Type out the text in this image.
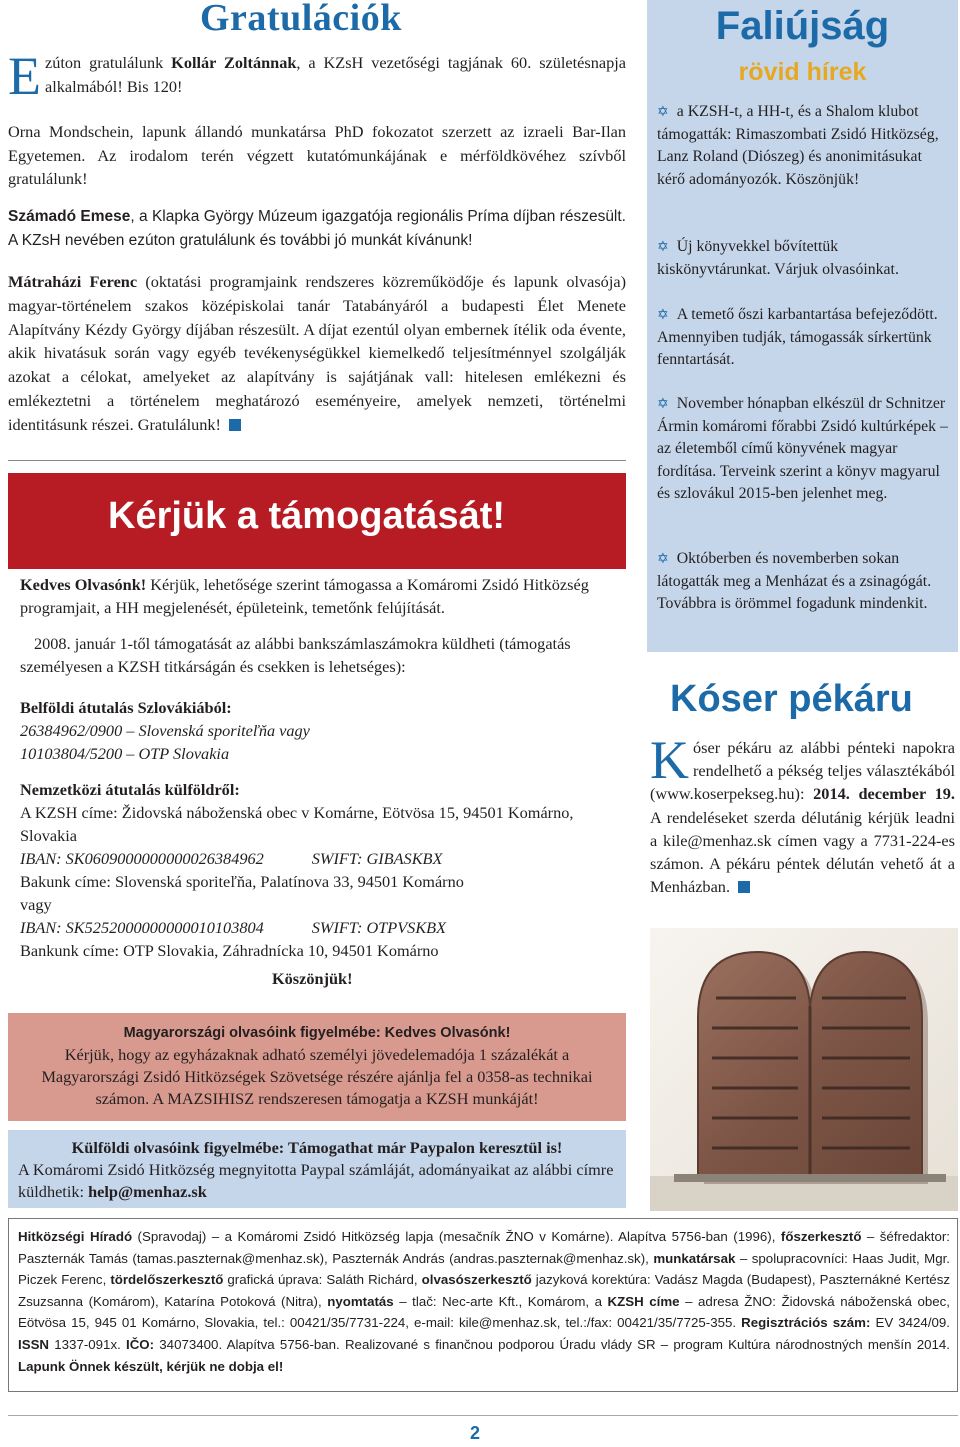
Gratulációk

Ezúton gratulálunk Kollár Zoltánnak, a KZsH vezetőségi tagjának 60. születésnapja alkalmából! Bis 120!

Orna Mondschein, lapunk állandó munkatársa PhD fokozatot szerzett az izraeli Bar-Ilan Egyetemen. Az irodalom terén végzett kutatómunkájának e mérföldkövéhez szívből gratulálunk!

Számadó Emese, a Klapka György Múzeum igazgatója regionális Príma díjban részesült. A KZsH nevében ezúton gratulálunk és további jó munkát kívánunk!

Mátraházi Ferenc (oktatási programjaink rendszeres közreműködője és lapunk olvasója) magyar-történelem szakos középiskolai tanár Tatabányáról a budapesti Élet Menete Alapítvány Kézdy György díjában részesült. A díjat ezentúl olyan embernek ítélik oda évente, akik hivatásuk során vagy egyéb tevékenységükkel kiemelkedő teljesítménnyel szolgálják azokat a célokat, amelyeket az alapítvány is sajátjának vall: hitelesen emlékezni és emlékeztetni a történelem meghatározó eseményeire, amelyek nemzeti, történelmi identitásunk részei. Gratulálunk!

Kérjük a támogatását!

Kedves Olvasónk! Kérjük, lehetősége szerint támogassa a Komáromi Zsidó Hitközség programjait, a HH megjelenését, épületeink, temetőnk felújítását.

2008. január 1-től támogatását az alábbi bankszámlaszámokra küldheti (támogatás személyesen a KZSH titkárságán és csekken is lehetséges):

Belföldi átutalás Szlovákiából:
26384962/0900 – Slovenská sporiteľňa vagy
10103804/5200 – OTP Slovakia
Nemzetközi átutalás külföldről:
A KZSH címe: Židovská náboženská obec v Komárne, Eötvösa 15, 94501 Komárno, Slovakia
IBAN: SK0609000000000026384962	SWIFT: GIBASKBX
Bakunk címe: Slovenská sporiteľňa, Palatínova 33, 94501 Komárno
vagy
IBAN: SK5252000000000010103804	SWIFT: OTPVSKBX
Bankunk címe: OTP Slovakia, Záhradnícka 10, 94501 Komárno
Köszönjük!

Magyarországi olvasóink figyelmébe: Kedves Olvasónk!

Kérjük, hogy az egyházaknak adható személyi jövedelemadója 1 százalékát a Magyarországi Zsidó Hitközségek Szövetsége részére ajánlja fel a 0358-as technikai számon. A MAZSIHISZ rendszeresen támogatja a KZSH munkáját!

Külföldi olvasóink figyelmébe: Támogathat már Paypalon keresztül is!

A Komáromi Zsidó Hitközség megnyitotta Paypal számláját, adományaikat az alábbi címre küldhetik: help@menhaz.sk

Faliújság
rövid hírek

✡ a KZSH-t, a HH-t, és a Shalom klubot támogatták: Rimaszombati Zsidó Hitközség, Lanz Roland (Diószeg) és anonimitásukat kérő adományozók. Köszönjük!

✡ Új könyvekkel bővítettük kiskönyvtárunkat. Várjuk olvasóinkat.

✡ A temető őszi karbantartása befejeződött. Amennyiben tudják, támogassák sírkertünk fenntartását.

✡ November hónapban elkészül dr Schnitzer Ármin komáromi főrabbi Zsidó kultúrképek – az életemből című könyvének magyar fordítása. Terveink szerint a könyv magyarul és szlovákul 2015-ben jelenhet meg.

✡ Októberben és novemberben sokan látogatták meg a Menházat és a zsinagógát. Továbbra is örömmel fogadunk mindenkit.

Kóser pékáru

Kóser pékáru az alábbi pénteki napokra rendelhető a pékség teljes választékából (www.koserpekseg.hu): 2014. december 19. A rendeléseket szerda délutánig kérjük leadni a kile@menhaz.sk címen vagy a 7731-224-es számon. A pékáru péntek délután vehető át a Menházban.

Hitközségi Híradó (Spravodaj) – a Komáromi Zsidó Hitközség lapja (mesačník ŽNO v Komárne). Alapítva 5756-ban (1996), főszerkesztő – šéfredaktor: Paszternák Tamás (tamas.paszternak@menhaz.sk), Paszternák András (andras.paszternak@menhaz.sk), munkatársak – spolupracovníci: Haas Judit, Mgr. Piczek Ferenc, tördelőszerkesztő grafická úprava: Saláth Richárd, olvasószerkesztő jazyková korektúra: Vadász Magda (Budapest), Paszternákné Kertész Zsuzsanna (Komárom), Katarína Potoková (Nitra), nyomtatás – tlač: Nec-arte Kft., Komárom, a KZSH címe – adresa ŽNO: Židovská náboženská obec, Eötvösa 15, 945 01 Komárno, Slovakia, tel.: 00421/35/7731-224, e-mail: kile@menhaz.sk, tel.:/fax: 00421/35/7725-355. Regisztrációs szám: EV 3424/09. ISSN 1337-091x. IČO: 34073400. Alapítva 5756-ban. Realizované s finančnou podporou Úradu vlády SR – program Kultúra národnostných menšín 2014. Lapunk Önnek készült, kérjük ne dobja el!

2
